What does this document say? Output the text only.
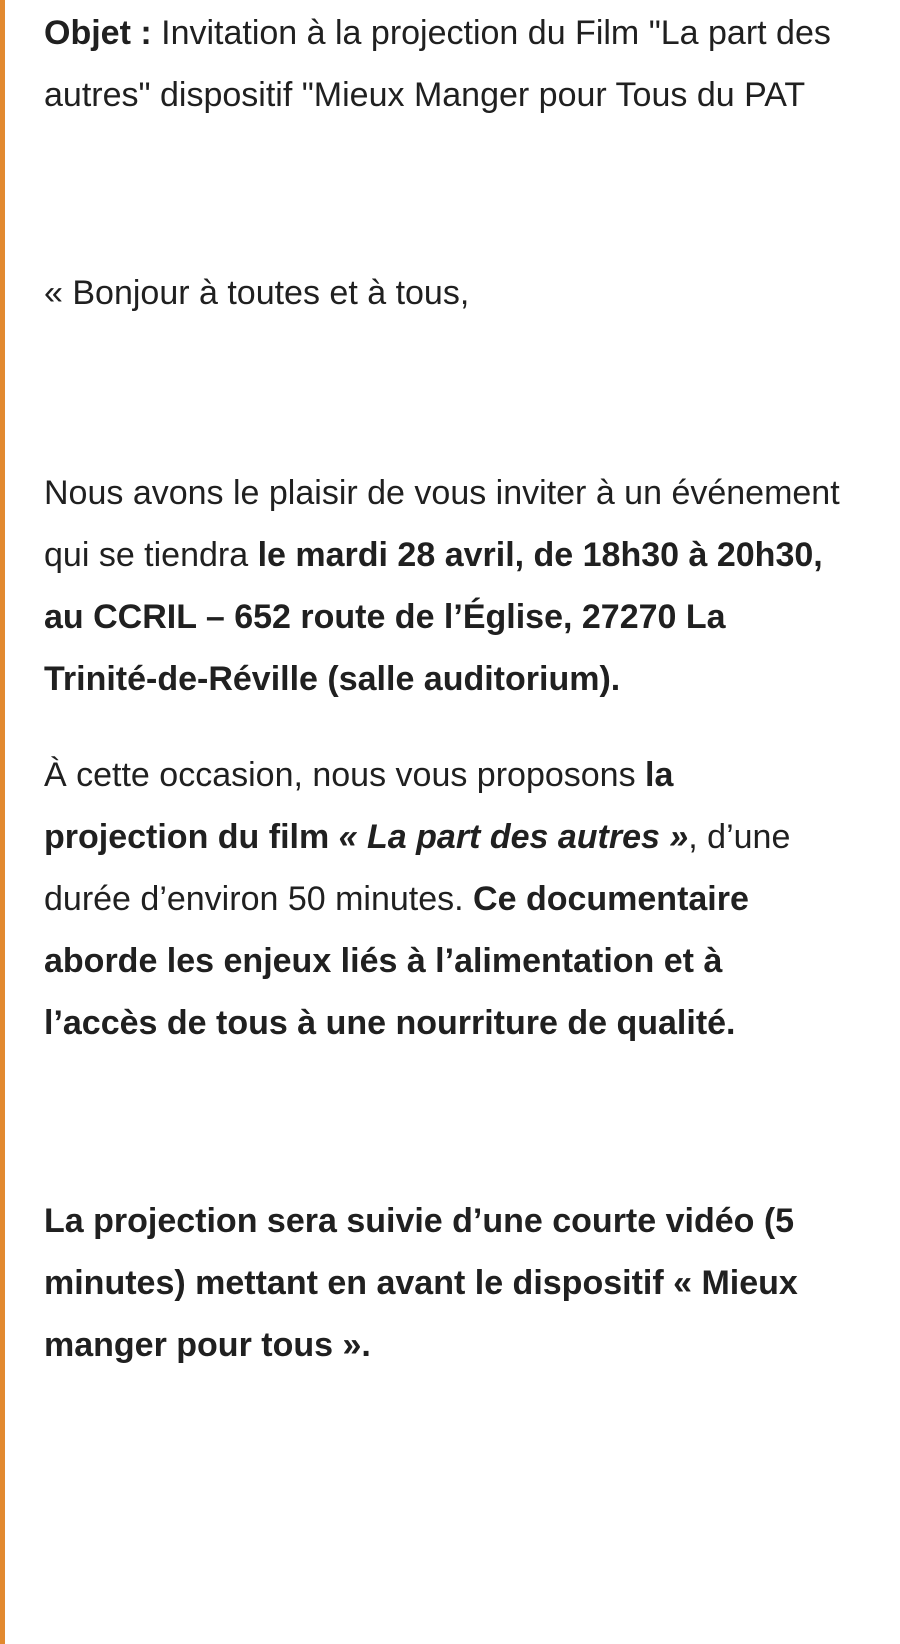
Objet : Invitation à la projection du Film "La part des autres" dispositif "Mieux Manger pour Tous du PAT

« Bonjour à toutes et à tous,

Nous avons le plaisir de vous inviter à un événement qui se tiendra le mardi 28 avril, de 18h30 à 20h30, au CCRIL – 652 route de l’Église, 27270 La Trinité-de-Réville (salle auditorium).

À cette occasion, nous vous proposons la projection du film « La part des autres », d’une durée d’environ 50 minutes. Ce documentaire aborde les enjeux liés à l’alimentation et à l’accès de tous à une nourriture de qualité.

La projection sera suivie d’une courte vidéo (5 minutes) mettant en avant le dispositif « Mieux manger pour tous ».
